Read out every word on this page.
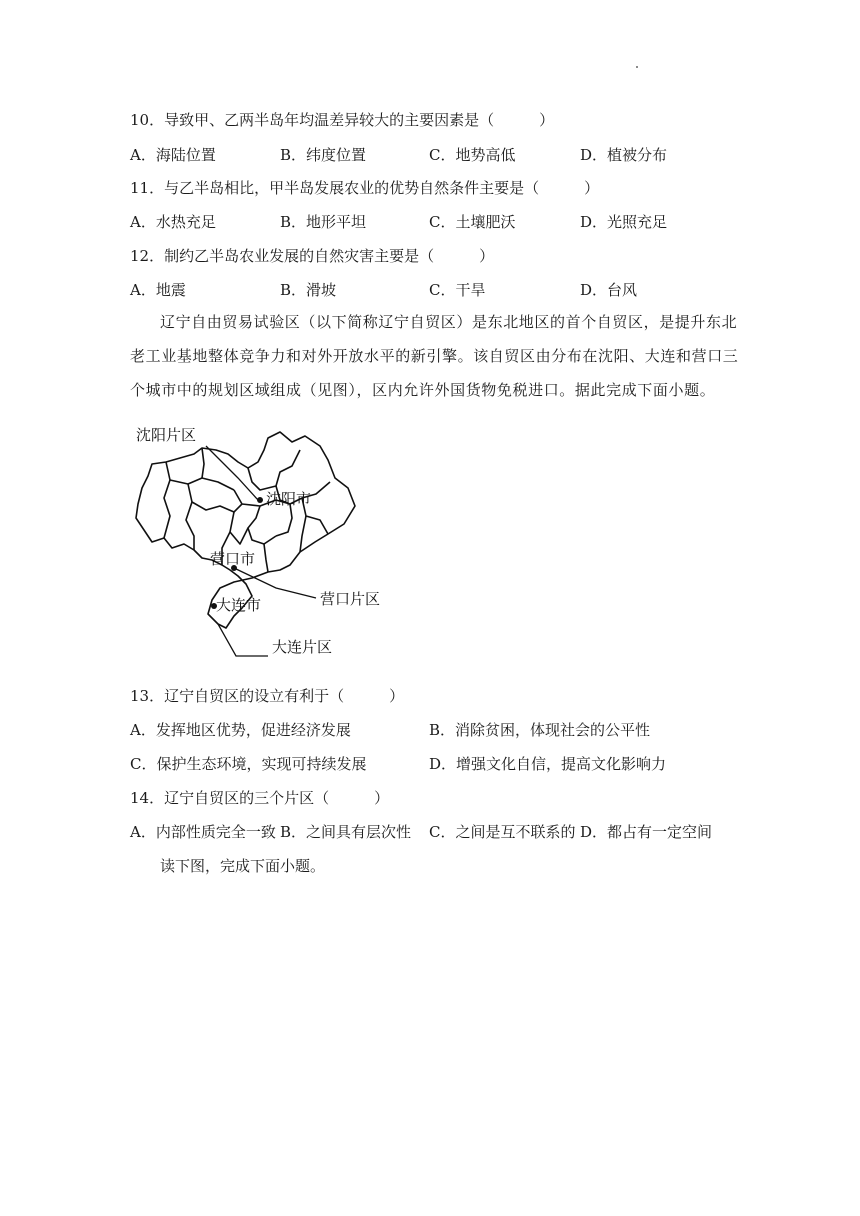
10．导致甲、乙两半岛年均温差异较大的主要因素是（　　　）
A．海陆位置	B．纬度位置	C．地势高低	D．植被分布
11．与乙半岛相比，甲半岛发展农业的优势自然条件主要是（　　　）
A．水热充足	B．地形平坦	C．土壤肥沃	D．光照充足
12．制约乙半岛农业发展的自然灾害主要是（　　　）
A．地震	B．滑坡	C．干旱	D．台风
辽宁自由贸易试验区（以下简称辽宁自贸区）是东北地区的首个自贸区，是提升东北老工业基地整体竞争力和对外开放水平的新引擎。该自贸区由分布在沈阳、大连和营口三个城市中的规划区域组成（见图），区内允许外国货物免税进口。据此完成下面小题。
沈阳片区
沈阳市
营口市
营口片区
大连市
大连片区
13．辽宁自贸区的设立有利于（　　　）
A．发挥地区优势，促进经济发展	B．消除贫困，体现社会的公平性
C．保护生态环境，实现可持续发展	D．增强文化自信，提高文化影响力
14．辽宁自贸区的三个片区（　　　）
A．内部性质完全一致 B．之间具有层次性 C．之间是互不联系的 D．都占有一定空间
读下图，完成下面小题。
